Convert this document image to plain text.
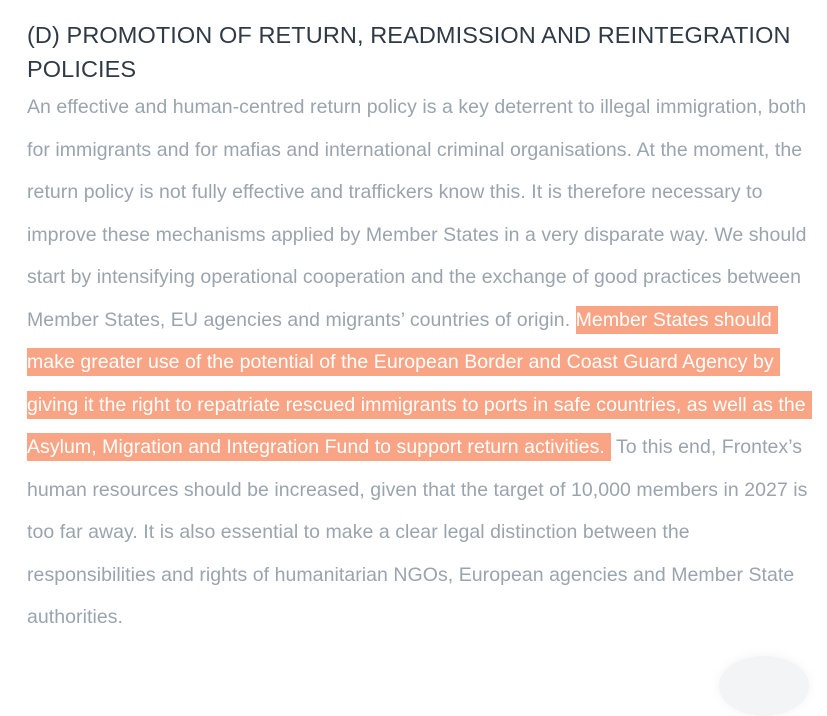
(D) PROMOTION OF RETURN, READMISSION AND REINTEGRATION POLICIES

An effective and human-centred return policy is a key deterrent to illegal immigration, both for immigrants and for mafias and international criminal organisations. At the moment, the return policy is not fully effective and traffickers know this. It is therefore necessary to improve these mechanisms applied by Member States in a very disparate way. We should start by intensifying operational cooperation and the exchange of good practices between Member States, EU agencies and migrants’ countries of origin. Member States should make greater use of the potential of the European Border and Coast Guard Agency by giving it the right to repatriate rescued immigrants to ports in safe countries, as well as the Asylum, Migration and Integration Fund to support return activities. To this end, Frontex’s human resources should be increased, given that the target of 10,000 members in 2027 is too far away. It is also essential to make a clear legal distinction between the responsibilities and rights of humanitarian NGOs, European agencies and Member State authorities.
